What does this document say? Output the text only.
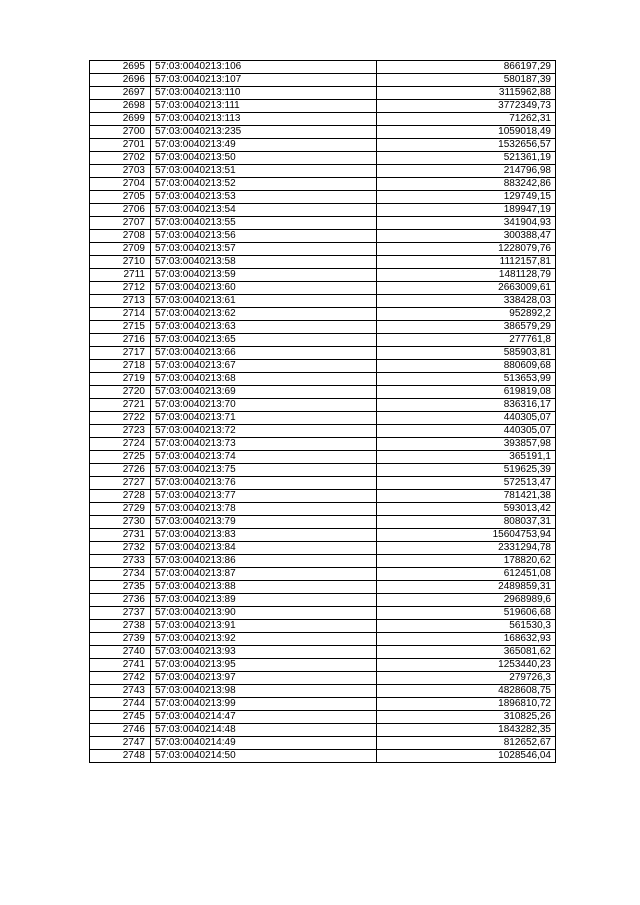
2695	57:03:0040213:106	866197,29
2696	57:03:0040213:107	580187,39
2697	57:03:0040213:110	3115962,88
2698	57:03:0040213:111	3772349,73
2699	57:03:0040213:113	71262,31
2700	57:03:0040213:235	1059018,49
2701	57:03:0040213:49	1532656,57
2702	57:03:0040213:50	521361,19
2703	57:03:0040213:51	214796,98
2704	57:03:0040213:52	883242,86
2705	57:03:0040213:53	129749,15
2706	57:03:0040213:54	189947,19
2707	57:03:0040213:55	341904,93
2708	57:03:0040213:56	300388,47
2709	57:03:0040213:57	1228079,76
2710	57:03:0040213:58	1112157,81
2711	57:03:0040213:59	1481128,79
2712	57:03:0040213:60	2663009,61
2713	57:03:0040213:61	338428,03
2714	57:03:0040213:62	952892,2
2715	57:03:0040213:63	386579,29
2716	57:03:0040213:65	277761,8
2717	57:03:0040213:66	585903,81
2718	57:03:0040213:67	880609,68
2719	57:03:0040213:68	513653,99
2720	57:03:0040213:69	619819,08
2721	57:03:0040213:70	836316,17
2722	57:03:0040213:71	440305,07
2723	57:03:0040213:72	440305,07
2724	57:03:0040213:73	393857,98
2725	57:03:0040213:74	365191,1
2726	57:03:0040213:75	519625,39
2727	57:03:0040213:76	572513,47
2728	57:03:0040213:77	781421,38
2729	57:03:0040213:78	593013,42
2730	57:03:0040213:79	808037,31
2731	57:03:0040213:83	15604753,94
2732	57:03:0040213:84	2331294,78
2733	57:03:0040213:86	178820,62
2734	57:03:0040213:87	612451,08
2735	57:03:0040213:88	2489859,31
2736	57:03:0040213:89	2968989,6
2737	57:03:0040213:90	519606,68
2738	57:03:0040213:91	561530,3
2739	57:03:0040213:92	168632,93
2740	57:03:0040213:93	365081,62
2741	57:03:0040213:95	1253440,23
2742	57:03:0040213:97	279726,3
2743	57:03:0040213:98	4828608,75
2744	57:03:0040213:99	1896810,72
2745	57:03:0040214:47	310825,26
2746	57:03:0040214:48	1843282,35
2747	57:03:0040214:49	812652,67
2748	57:03:0040214:50	1028546,04
